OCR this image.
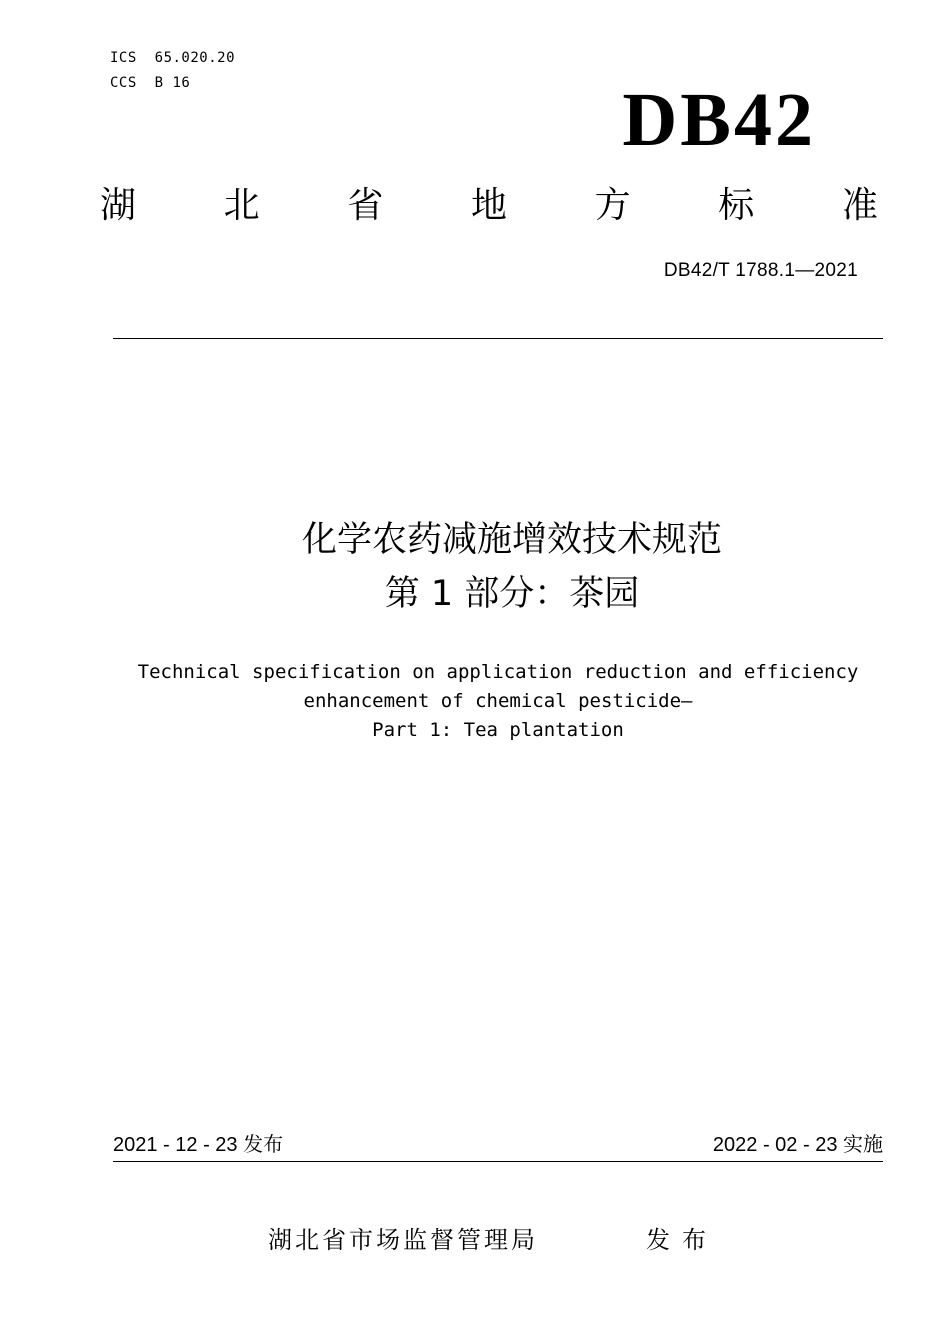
ICS  65.020.20
CCS  B 16	DB42
湖 北 省 地 方 标 准
DB42/T 1788.1—2021
化学农药减施增效技术规范
第 1 部分：茶园
Technical specification on application reduction and efficiency
enhancement of chemical pesticide—
Part 1: Tea plantation
2021 - 12 - 23 发布	2022 - 02 - 23 实施
湖北省市场监督管理局	发布
